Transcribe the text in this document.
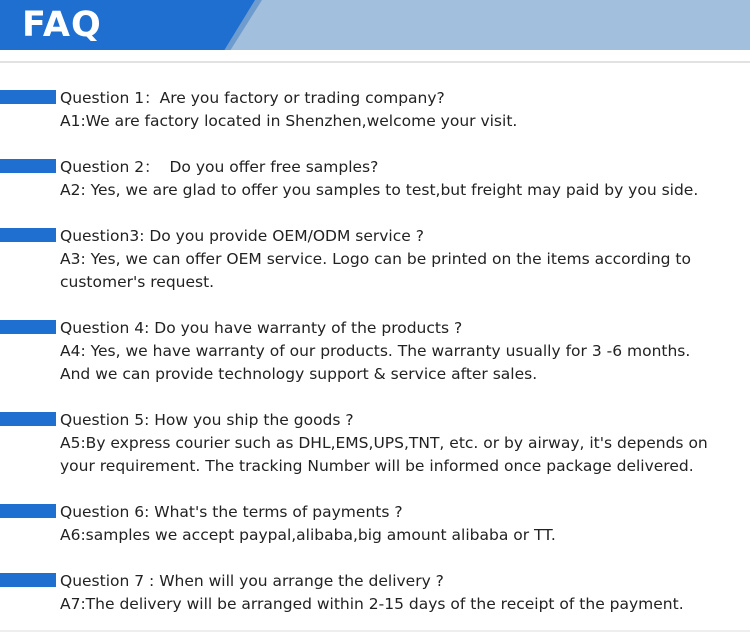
FAQ
Question 1：Are you factory or trading company?
A1:We are factory located in Shenzhen,welcome your visit.
Question 2：  Do you offer free samples?
A2: Yes, we are glad to offer you samples to test,but freight may paid by you side.
Question3: Do you provide OEM/ODM service ?
A3: Yes, we can offer OEM service. Logo can be printed on the items according to customer's request.
Question 4: Do you have warranty of the products ?
A4: Yes, we have warranty of our products. The warranty usually for 3 -6 months. And we can provide technology support & service after sales.
Question 5: How you ship the goods ?
A5:By express courier such as DHL,EMS,UPS,TNT, etc. or by airway, it's depends on your requirement. The tracking Number will be informed once package delivered.
Question 6: What's the terms of payments ?
A6:samples we accept paypal,alibaba,big amount alibaba or TT.
Question 7 : When will you arrange the delivery ?
A7:The delivery will be arranged within 2-15 days of the receipt of the payment.
